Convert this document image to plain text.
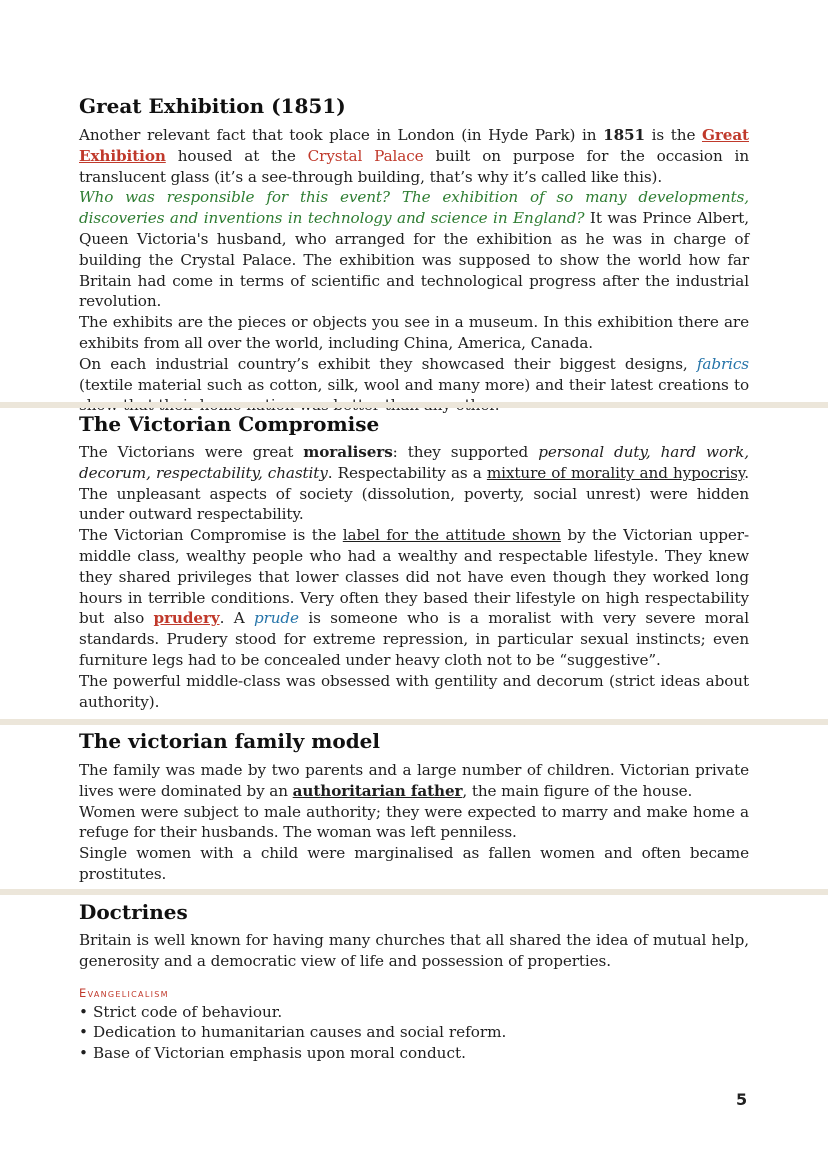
Great Exhibition (1851)

Another relevant fact that took place in London (in Hyde Park) in 1851 is the Great Exhibition housed at the Crystal Palace built on purpose for the occasion in translucent glass (it’s a see-through building, that’s why it’s called like this).

Who was responsible for this event? The exhibition of so many developments, discoveries and inventions in technology and science in England? It was Prince Albert, Queen Victoria's husband, who arranged for the exhibition as he was in charge of building the Crystal Palace. The exhibition was supposed to show the world how far Britain had come in terms of scientific and technological progress after the industrial revolution.

The exhibits are the pieces or objects you see in a museum. In this exhibition there are exhibits from all over the world, including China, America, Canada.

On each industrial country’s exhibit they showcased their biggest designs, fabrics (textile material such as cotton, silk, wool and many more) and their latest creations to

The Victorian Compromise

The Victorians were great moralisers: they supported personal duty, hard work, decorum, respectability, chastity. Respectability as a mixture of morality and hypocrisy. The unpleasant aspects of society (dissolution, poverty, social unrest) were hidden under outward respectability.

The Victorian Compromise is the label for the attitude shown by the Victorian upper-middle class, wealthy people who had a wealthy and respectable lifestyle. They knew they shared privileges that lower classes did not have even though they worked long hours in terrible conditions. Very often they based their lifestyle on high respectability but also prudery. A prude is someone who is a moralist with very severe moral standards. Prudery stood for extreme repression, in particular sexual instincts; even furniture legs had to be concealed under heavy cloth not to be “suggestive”.

The powerful middle-class was obsessed with gentility and decorum (strict ideas about authority).

The victorian family model

The family was made by two parents and a large number of children. Victorian private lives were dominated by an authoritarian father, the main figure of the house.

Women were subject to male authority; they were expected to marry and make home a refuge for their husbands. The woman was left penniless.

Single women with a child were marginalised as fallen women and often became prostitutes.

Doctrines

Britain is well known for having many churches that all shared the idea of mutual help, generosity and a democratic view of life and possession of properties.

Evangelicalism

• Strict code of behaviour.
• Dedication to humanitarian causes and social reform.
• Base of Victorian emphasis upon moral conduct.
5
